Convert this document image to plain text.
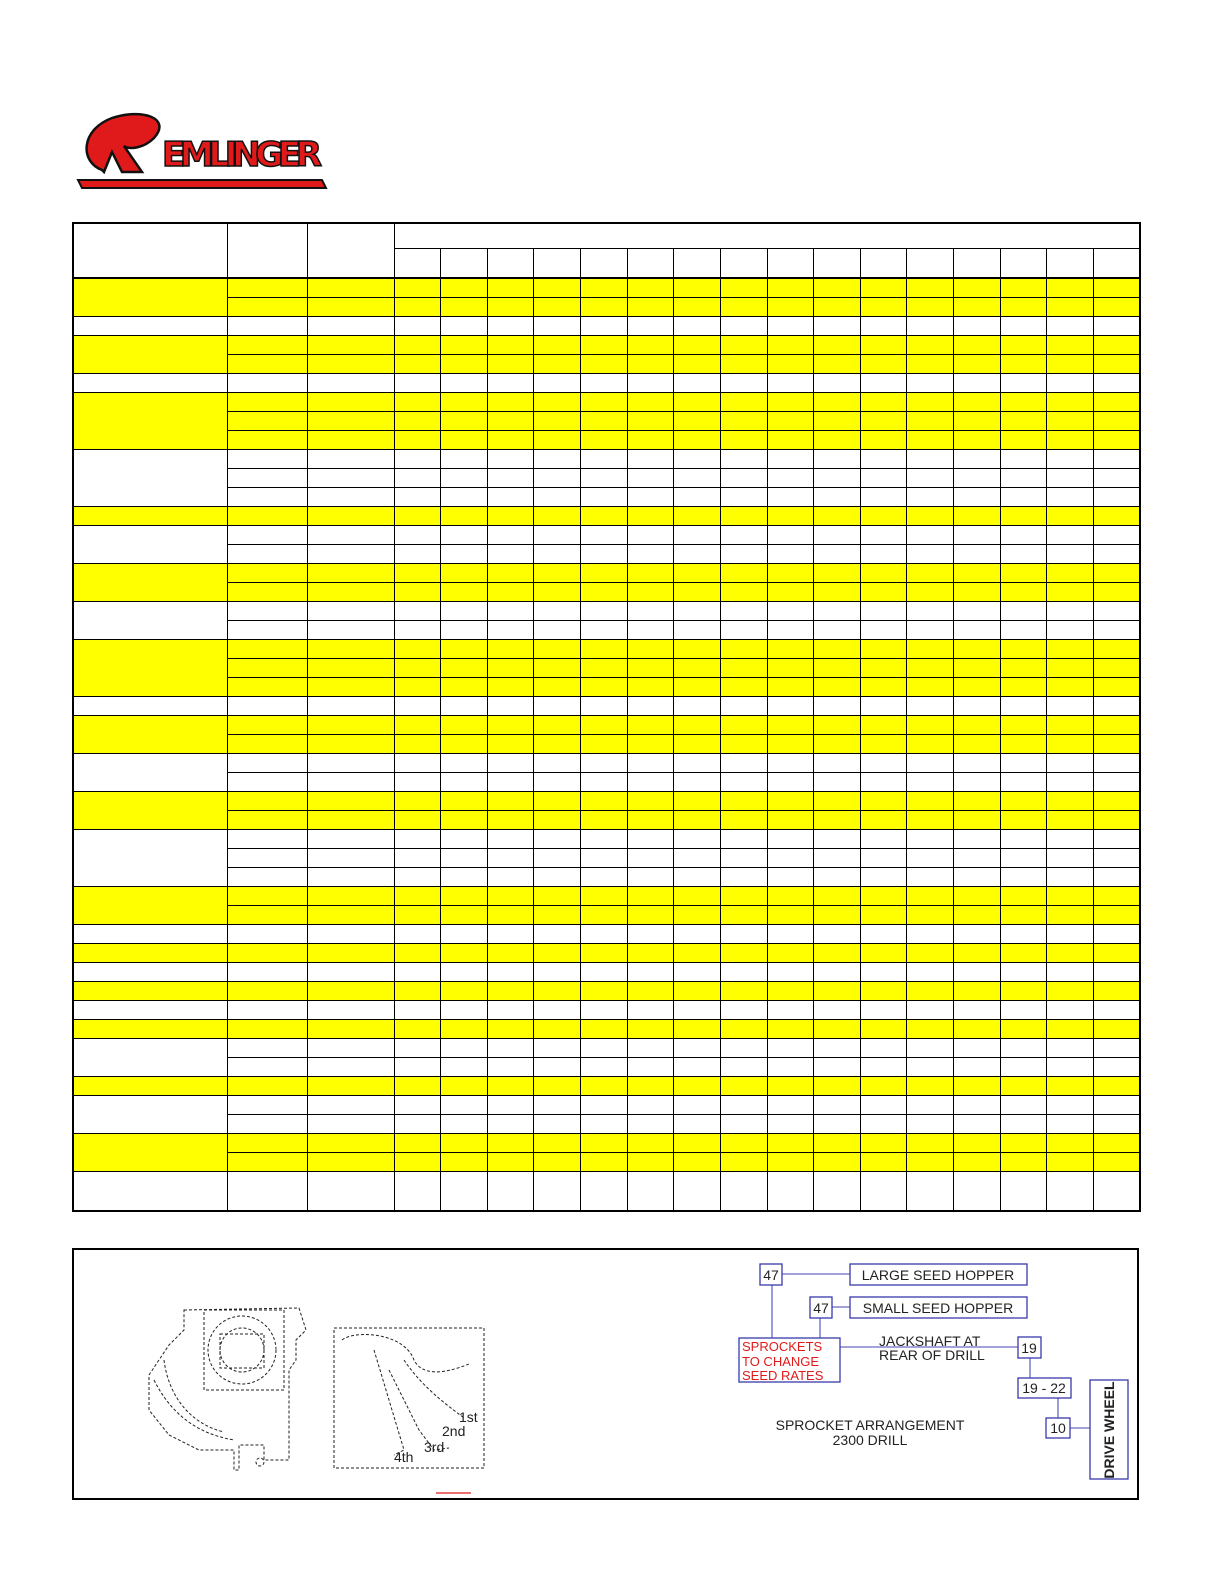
EMLINGER

1st
2nd
3rd
4th
47	LARGE SEED HOPPER
47 SMALL SEED HOPPER
SPROCKETS
TO CHANGE
SEED RATES
JACKSHAFT AT
REAR OF DRILL	19
19 - 22
10	DRIVE WHEEL
SPROCKET ARRANGEMENT
2300 DRILL
